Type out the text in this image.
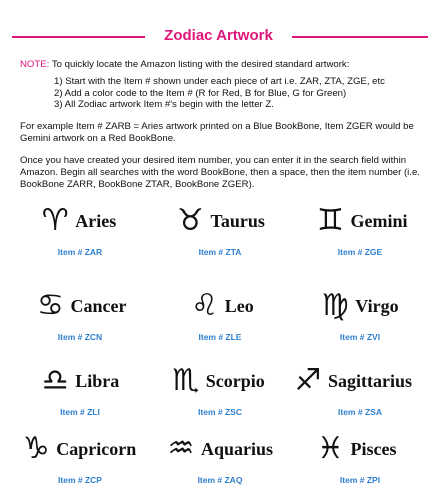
Zodiac Artwork

NOTE: To quickly locate the Amazon listing with the desired standard artwork:

1) Start with the Item # shown under each piece of art i.e. ZAR, ZTA, ZGE, etc
2) Add a color code to the Item # (R for Red, B for Blue, G for Green)
3) All Zodiac artwork Item #'s begin with the letter Z.

For example Item # ZARB = Aries artwork printed on a Blue BookBone, Item ZGER would be Gemini artwork on a Red BookBone.

Once you have created your desired item number, you can enter it in the search field within Amazon. Begin all searches with the word BookBone, then a space, then the item number (i.e. BookBone ZARR, BookBone ZTAR, BookBone ZGER).

♈ Aries
Item # ZAR
♉ Taurus
Item # ZTA
♊ Gemini
Item # ZGE
♋ Cancer
Item # ZCN
♌ Leo
Item # ZLE
♍ Virgo
Item # ZVI
♎ Libra
Item # ZLI
♏ Scorpio
Item # ZSC
♐ Sagittarius
Item # ZSA
♑ Capricorn
Item # ZCP
♒ Aquarius
Item # ZAQ
♓ Pisces
Item # ZPI
